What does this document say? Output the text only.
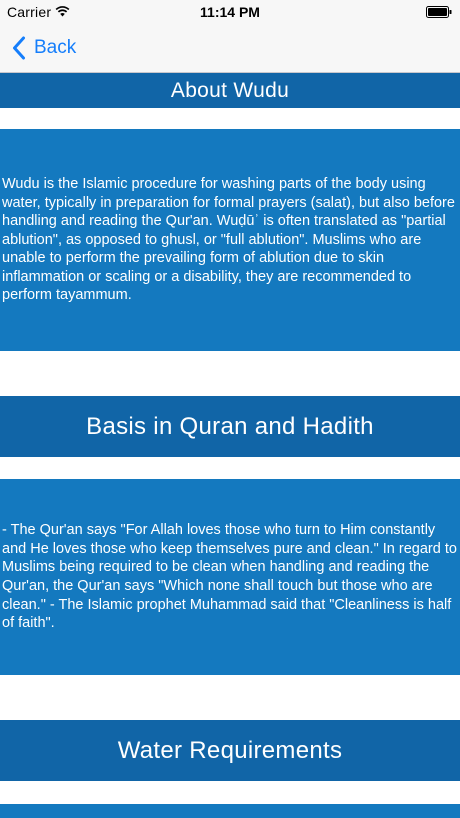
Carrier	11:14 PM
Back
About Wudu

Wudu is the Islamic procedure for washing parts of the body using water, typically in preparation for formal prayers (salat), but also before handling and reading the Qur'an. Wuḍūʾ is often translated as "partial ablution", as opposed to ghusl, or "full ablution". Muslims who are unable to perform the prevailing form of ablution due to skin inflammation or scaling or a disability, they are recommended to perform tayammum.

Basis in Quran and Hadith

- The Qur'an says "For Allah loves those who turn to Him constantly and He loves those who keep themselves pure and clean." In regard to Muslims being required to be clean when handling and reading the Qur'an, the Qur'an says "Which none shall touch but those who are clean." - The Islamic prophet Muhammad said that "Cleanliness is half of faith".

Water Requirements
